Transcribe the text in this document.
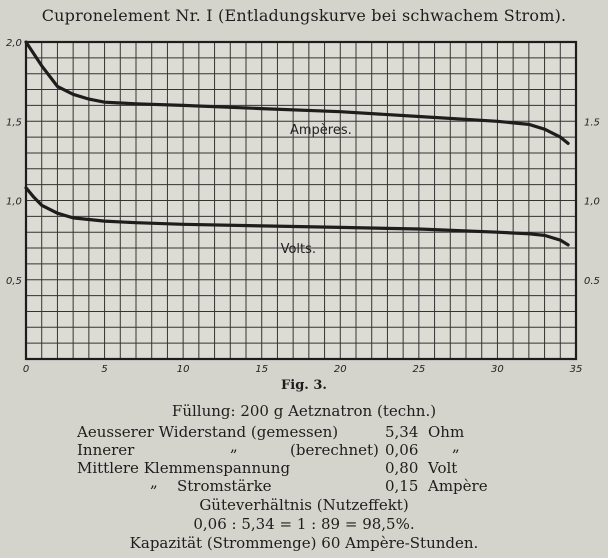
Cupronelement Nr. I (Entladungskurve bei schwachem Strom).
0	5	10	15	20	25	30	35
2,0
1,5
1,0
0,5
1.5
1,0
0.5
Ampères.
Volts.
Fig. 3.
Füllung: 200 g Aetznatron (techn.)
Aeusserer Widerstand (gemessen)	5,34 Ohm
Innerer	„	(berechnet) 0,06 „
Mittlere Klemmenspannung	0,80 Volt
„ Stromstärke	0,15 Ampère
Güteverhältnis (Nutzeffekt)
0,06 : 5,34 = 1 : 89 = 98,5%.
Kapazität (Strommenge) 60 Ampère-Stunden.
